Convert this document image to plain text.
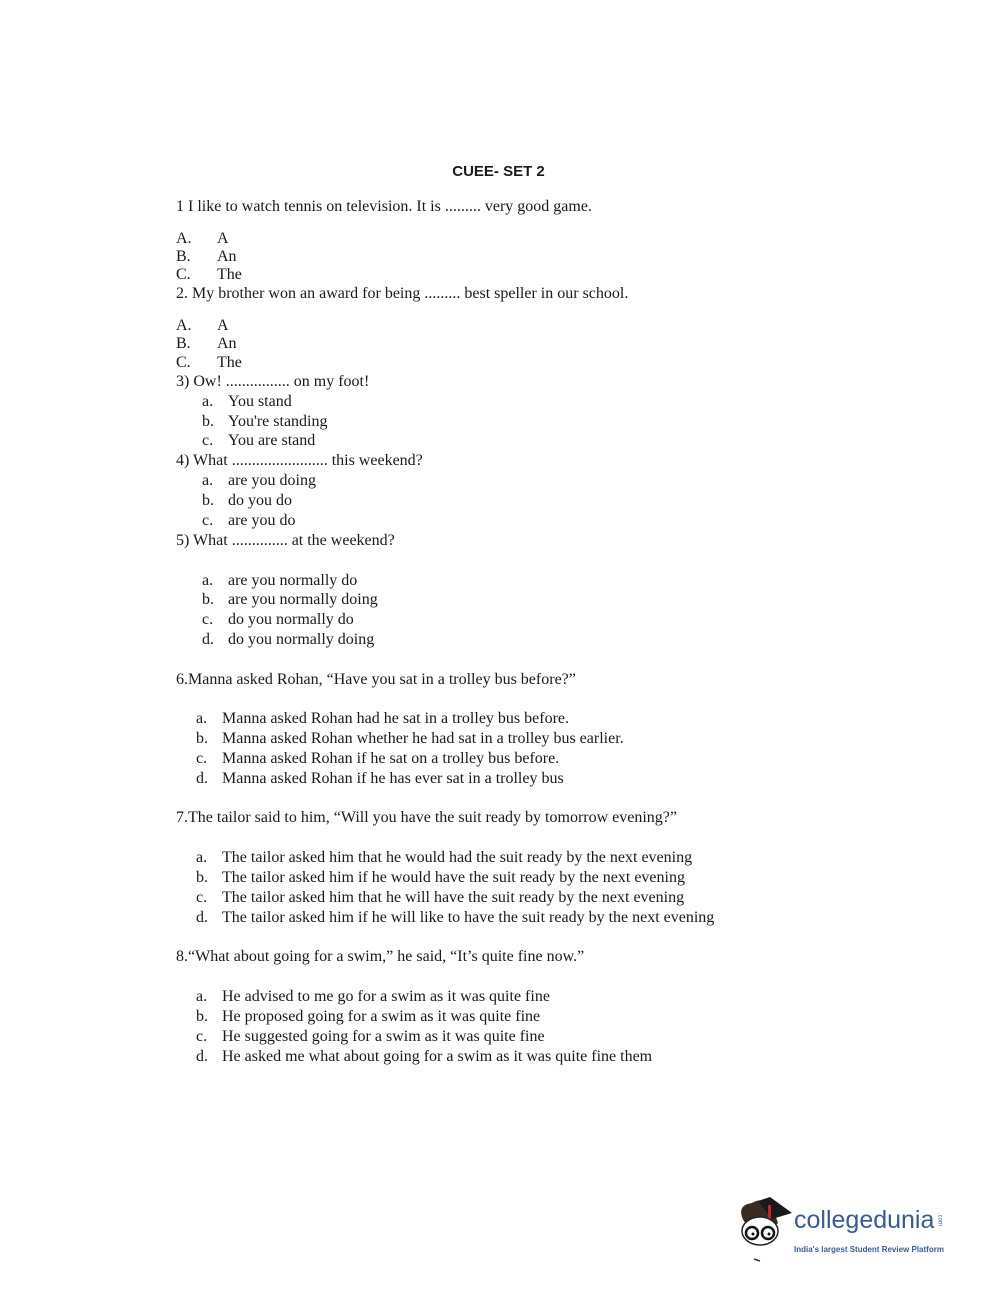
CUEE- SET 2
1 I like to watch tennis on television. It is ......... very good game.
A. A
B. An
C. The
2. My brother won an award for being ......... best speller in our school.
A. A
B. An
C. The
3) Ow! ................ on my foot!
a. You stand
b. You're standing
c. You are stand
4) What ........................ this weekend?
a. are you doing
b. do you do
c. are you do
5) What .............. at the weekend?
a. are you normally do
b. are you normally doing
c. do you normally do
d. do you normally doing
6.Manna asked Rohan, “Have you sat in a trolley bus before?”
a. Manna asked Rohan had he sat in a trolley bus before.
b. Manna asked Rohan whether he had sat in a trolley bus earlier.
c. Manna asked Rohan if he sat on a trolley bus before.
d. Manna asked Rohan if he has ever sat in a trolley bus
7.The tailor said to him, “Will you have the suit ready by tomorrow evening?”
a. The tailor asked him that he would had the suit ready by the next evening
b. The tailor asked him if he would have the suit ready by the next evening
c. The tailor asked him that he will have the suit ready by the next evening
d. The tailor asked him if he will like to have the suit ready by the next evening
8.“What about going for a swim,” he said, “It’s quite fine now.”
a. He advised to me go for a swim as it was quite fine
b. He proposed going for a swim as it was quite fine
c. He suggested going for a swim as it was quite fine
d. He asked me what about going for a swim as it was quite fine them
collegedunia .com
India's largest Student Review Platform
